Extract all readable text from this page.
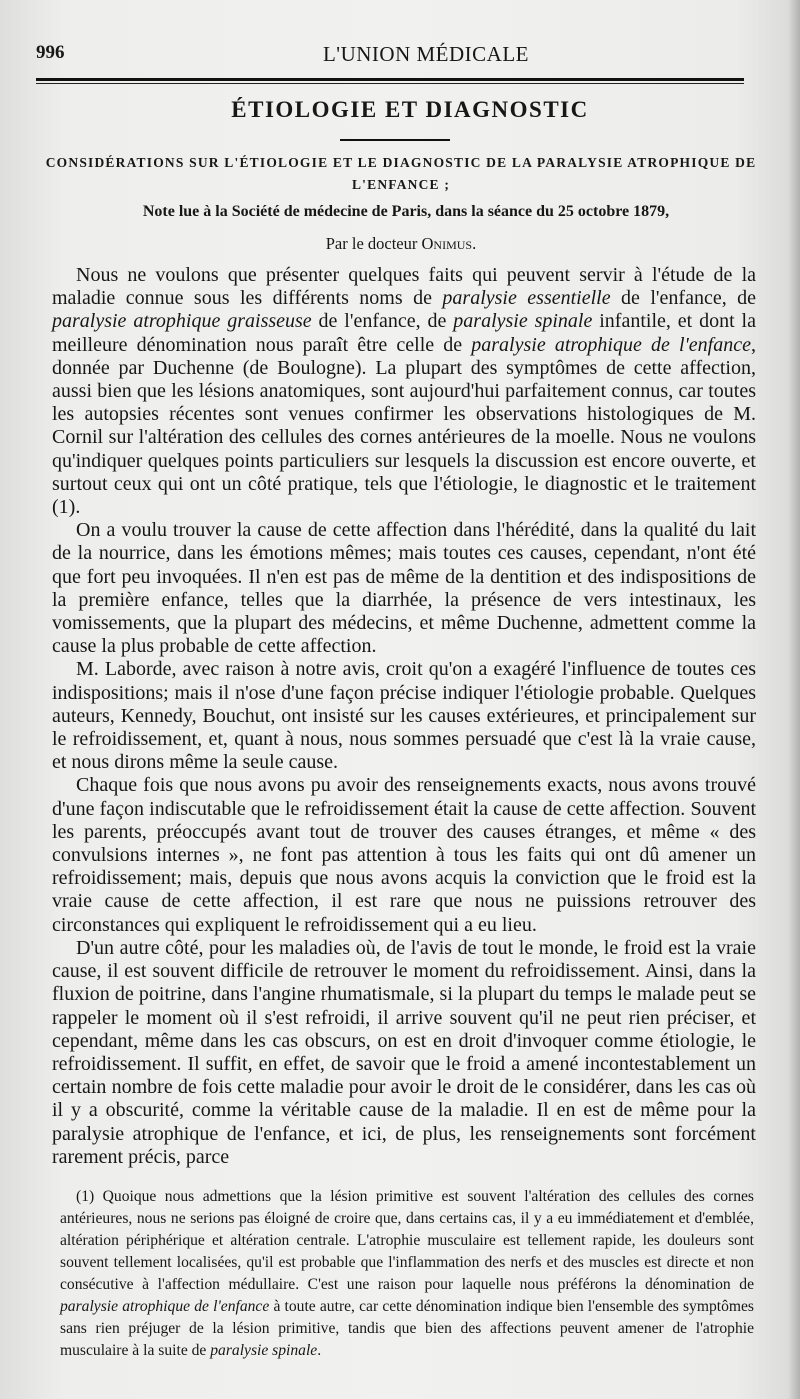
996	L'UNION MÉDICALE
ÉTIOLOGIE ET DIAGNOSTIC
CONSIDÉRATIONS SUR L'ÉTIOLOGIE ET LE DIAGNOSTIC DE LA PARALYSIE ATROPHIQUE DE L'ENFANCE ;
Note lue à la Société de médecine de Paris, dans la séance du 25 octobre 1879,
Par le docteur Onimus.

Nous ne voulons que présenter quelques faits qui peuvent servir à l'étude de la maladie connue sous les différents noms de paralysie essentielle de l'enfance, de paralysie atrophique graisseuse de l'enfance, de paralysie spinale infantile, et dont la meilleure dénomination nous paraît être celle de paralysie atrophique de l'enfance, donnée par Duchenne (de Boulogne). La plupart des symptômes de cette affection, aussi bien que les lésions anatomiques, sont aujourd'hui parfaitement connus, car toutes les autopsies récentes sont venues confirmer les observations histologiques de M. Cornil sur l'altération des cellules des cornes antérieures de la moelle. Nous ne voulons qu'indiquer quelques points particuliers sur lesquels la discussion est encore ouverte, et surtout ceux qui ont un côté pratique, tels que l'étiologie, le diagnostic et le traitement (1).

On a voulu trouver la cause de cette affection dans l'hérédité, dans la qualité du lait de la nourrice, dans les émotions mêmes; mais toutes ces causes, cependant, n'ont été que fort peu invoquées. Il n'en est pas de même de la dentition et des indispositions de la première enfance, telles que la diarrhée, la présence de vers intestinaux, les vomissements, que la plupart des médecins, et même Duchenne, admettent comme la cause la plus probable de cette affection.

M. Laborde, avec raison à notre avis, croit qu'on a exagéré l'influence de toutes ces indispositions; mais il n'ose d'une façon précise indiquer l'étiologie probable. Quelques auteurs, Kennedy, Bouchut, ont insisté sur les causes extérieures, et principalement sur le refroidissement, et, quant à nous, nous sommes persuadé que c'est là la vraie cause, et nous dirons même la seule cause.

Chaque fois que nous avons pu avoir des renseignements exacts, nous avons trouvé d'une façon indiscutable que le refroidissement était la cause de cette affection. Souvent les parents, préoccupés avant tout de trouver des causes étranges, et même « des convulsions internes », ne font pas attention à tous les faits qui ont dû amener un refroidissement; mais, depuis que nous avons acquis la conviction que le froid est la vraie cause de cette affection, il est rare que nous ne puissions retrouver des circonstances qui expliquent le refroidissement qui a eu lieu.

D'un autre côté, pour les maladies où, de l'avis de tout le monde, le froid est la vraie cause, il est souvent difficile de retrouver le moment du refroidissement. Ainsi, dans la fluxion de poitrine, dans l'angine rhumatismale, si la plupart du temps le malade peut se rappeler le moment où il s'est refroidi, il arrive souvent qu'il ne peut rien préciser, et cependant, même dans les cas obscurs, on est en droit d'invoquer comme étiologie, le refroidissement. Il suffit, en effet, de savoir que le froid a amené incontestablement un certain nombre de fois cette maladie pour avoir le droit de le considérer, dans les cas où il y a obscurité, comme la véritable cause de la maladie. Il en est de même pour la paralysie atrophique de l'enfance, et ici, de plus, les renseignements sont forcément rarement précis, parce

(1) Quoique nous admettions que la lésion primitive est souvent l'altération des cellules des cornes antérieures, nous ne serions pas éloigné de croire que, dans certains cas, il y a eu immédiatement et d'emblée, altération périphérique et altération centrale. L'atrophie musculaire est tellement rapide, les douleurs sont souvent tellement localisées, qu'il est probable que l'inflammation des nerfs et des muscles est directe et non consécutive à l'affection médullaire. C'est une raison pour laquelle nous préférons la dénomination de paralysie atrophique de l'enfance à toute autre, car cette dénomination indique bien l'ensemble des symptômes sans rien préjuger de la lésion primitive, tandis que bien des affections peuvent amener de l'atrophie musculaire à la suite de paralysie spinale.
